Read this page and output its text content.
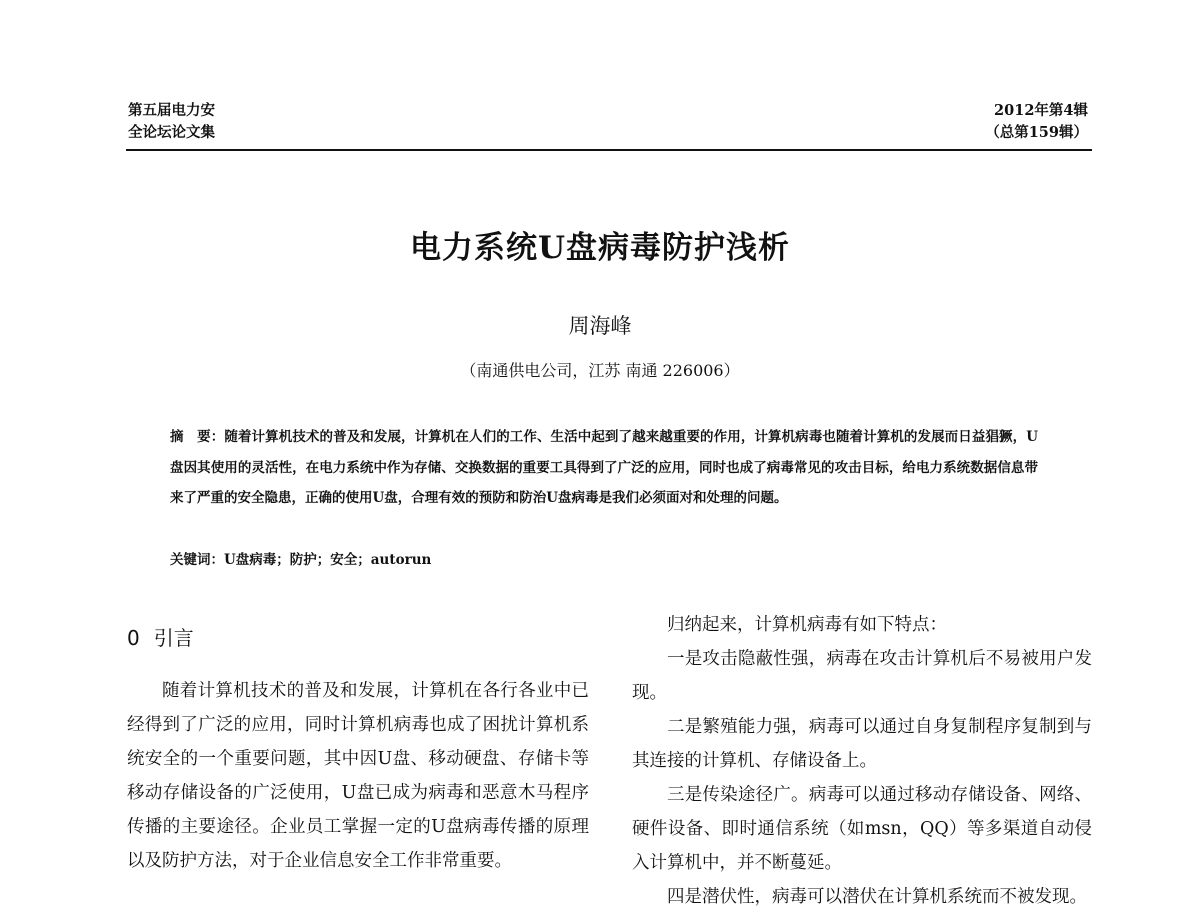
第五届电力安
全论坛论文集
2012年第4辑
（总第159辑）
电力系统U盘病毒防护浅析
周海峰
（南通供电公司，江苏 南通 226006）
摘　要：随着计算机技术的普及和发展，计算机在人们的工作、生活中起到了越来越重要的作用，计算机病毒也随着计算机的发展而日益猖獗，U盘因其使用的灵活性，在电力系统中作为存储、交换数据的重要工具得到了广泛的应用，同时也成了病毒常见的攻击目标，给电力系统数据信息带来了严重的安全隐患，正确的使用U盘，合理有效的预防和防治U盘病毒是我们必须面对和处理的问题。
关键词：U盘病毒；防护；安全；autorun
0 引言

随着计算机技术的普及和发展，计算机在各行各业中已经得到了广泛的应用，同时计算机病毒也成了困扰计算机系统安全的一个重要问题，其中因U盘、移动硬盘、存储卡等移动存储设备的广泛使用，U盘已成为病毒和恶意木马程序传播的主要途径。企业员工掌握一定的U盘病毒传播的原理以及防护方法，对于企业信息安全工作非常重要。

归纳起来，计算机病毒有如下特点：

一是攻击隐蔽性强，病毒在攻击计算机后不易被用户发现。

二是繁殖能力强，病毒可以通过自身复制程序复制到与其连接的计算机、存储设备上。

三是传染途径广。病毒可以通过移动存储设备、网络、硬件设备、即时通信系统（如msn，QQ）等多渠道自动侵入计算机中，并不断蔓延。

四是潜伏性，病毒可以潜伏在计算机系统而不被发现。
